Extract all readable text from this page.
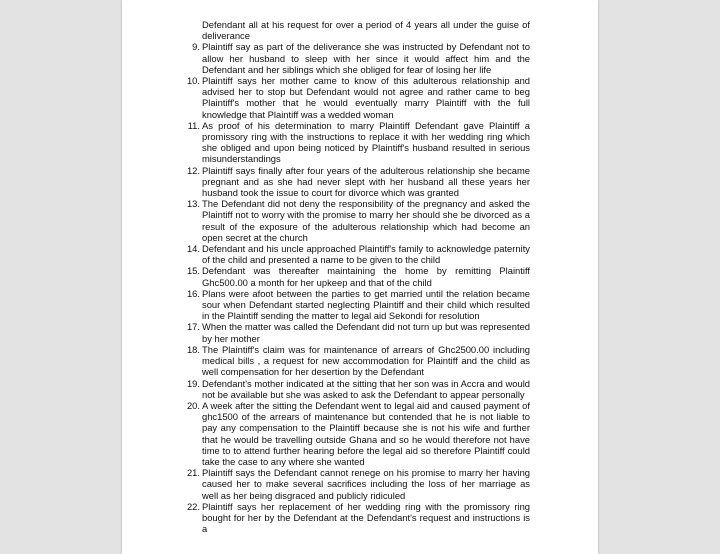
Defendant all at his request for over a period of 4 years all under the guise of deliverance
9. Plaintiff say as part of the deliverance she was instructed by Defendant not to allow her husband to sleep with her since it would affect him and the Defendant and her siblings which she obliged for fear of losing her life
10. Plaintiff says her mother came to know of this adulterous relationship and advised her to stop but Defendant would not agree and rather came to beg Plaintiff's mother that he would eventually marry Plaintiff with the full knowledge that Plaintiff was a wedded woman
11. As proof of his determination to marry Plaintiff Defendant gave Plaintiff a promissory ring with the instructions to replace it with her wedding ring which she obliged and upon being noticed by Plaintiff's husband resulted in serious misunderstandings
12. Plaintiff says finally after four years of the adulterous relationship she became pregnant and as she had never slept with her husband all these years her husband took the issue to court for divorce which was granted
13. The Defendant did not deny the responsibility of the pregnancy and asked the Plaintiff not to worry with the promise to marry her should she be divorced as a result of the exposure of the adulterous relationship which had become an open secret at the church
14. Defendant and his uncle approached Plaintiff's family to acknowledge paternity of the child and presented a name to be given to the child
15. Defendant was thereafter maintaining the home by remitting Plaintiff Ghc500.00 a month for her upkeep and that of the child
16. Plans were afoot between the parties to get married until the relation became sour when Defendant started neglecting Plaintiff and their child which resulted in the Plaintiff sending the matter to legal aid Sekondi for resolution
17. When the matter was called the Defendant did not turn up but was represented by her mother
18. The Plaintiff's claim was for maintenance of arrears of Ghc2500.00 including medical bills , a request for new accommodation for Plaintiff and the child as well compensation for her desertion by the Defendant
19. Defendant's mother indicated at the sitting that her son was in Accra and would not be available but she was asked to ask the Defendant to appear personally
20. A week after the sitting the Defendant went to legal aid and caused payment of ghc1500 of the arrears of maintenance but contended that he is not liable to pay any compensation to the Plaintiff because she is not his wife and further that he would be travelling outside Ghana and so he would therefore not have time to to attend further hearing before the legal aid so therefore Plaintiff could take the case to any where she wanted
21. Plaintiff says the Defendant cannot renege on his promise to marry her having caused her to make several sacrifices including the loss of her marriage as well as her being disgraced and publicly ridiculed
22. Plaintiff says her replacement of her wedding ring with the promissory ring bought for her by the Defendant at the Defendant's request and instructions is a
